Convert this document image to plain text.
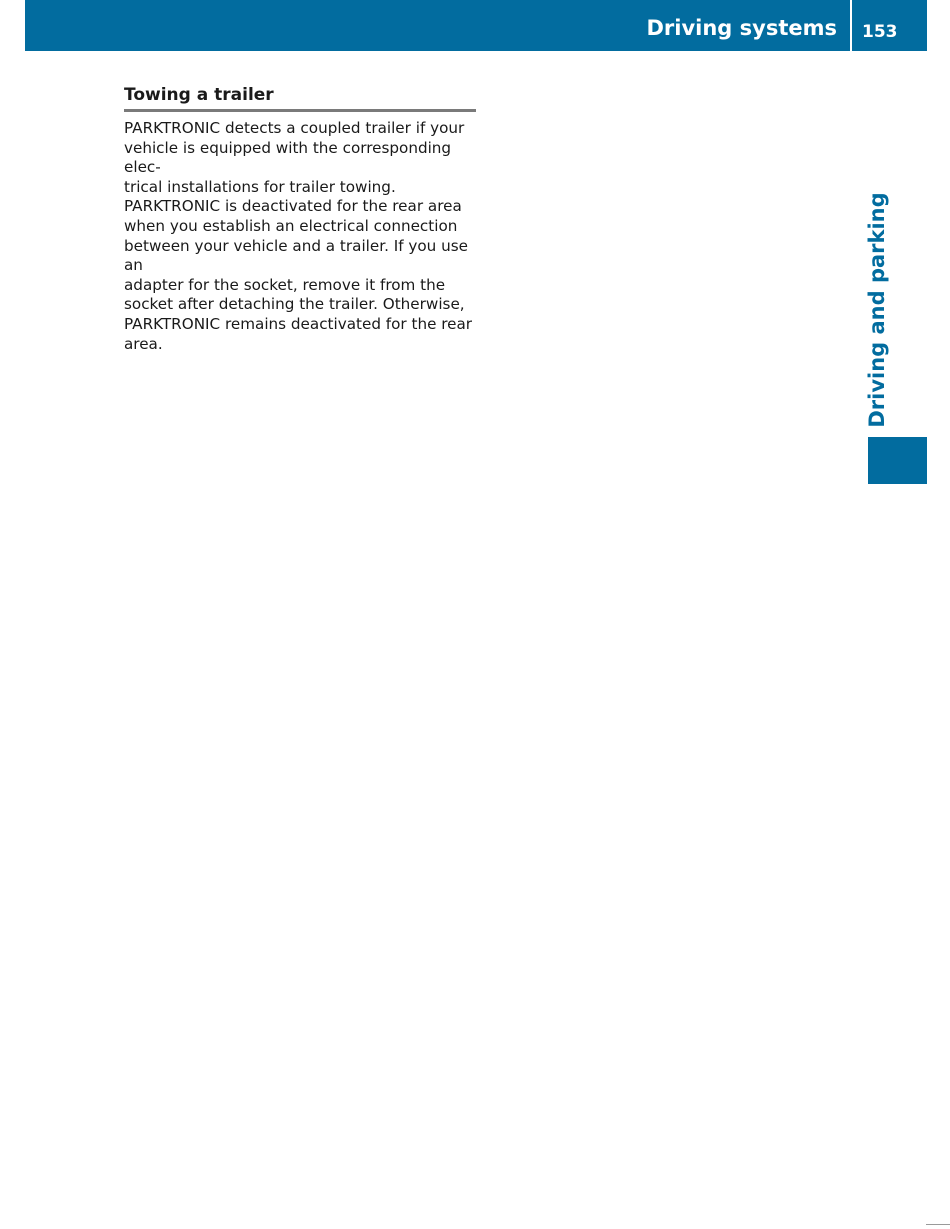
Driving systems 153
Driving and parking
Towing a trailer

PARKTRONIC detects a coupled trailer if your

vehicle is equipped with the corresponding elec-

trical installations for trailer towing.

PARKTRONIC is deactivated for the rear area

when you establish an electrical connection

between your vehicle and a trailer. If you use an

adapter for the socket, remove it from the

socket after detaching the trailer. Otherwise,

PARKTRONIC remains deactivated for the rear

area.
